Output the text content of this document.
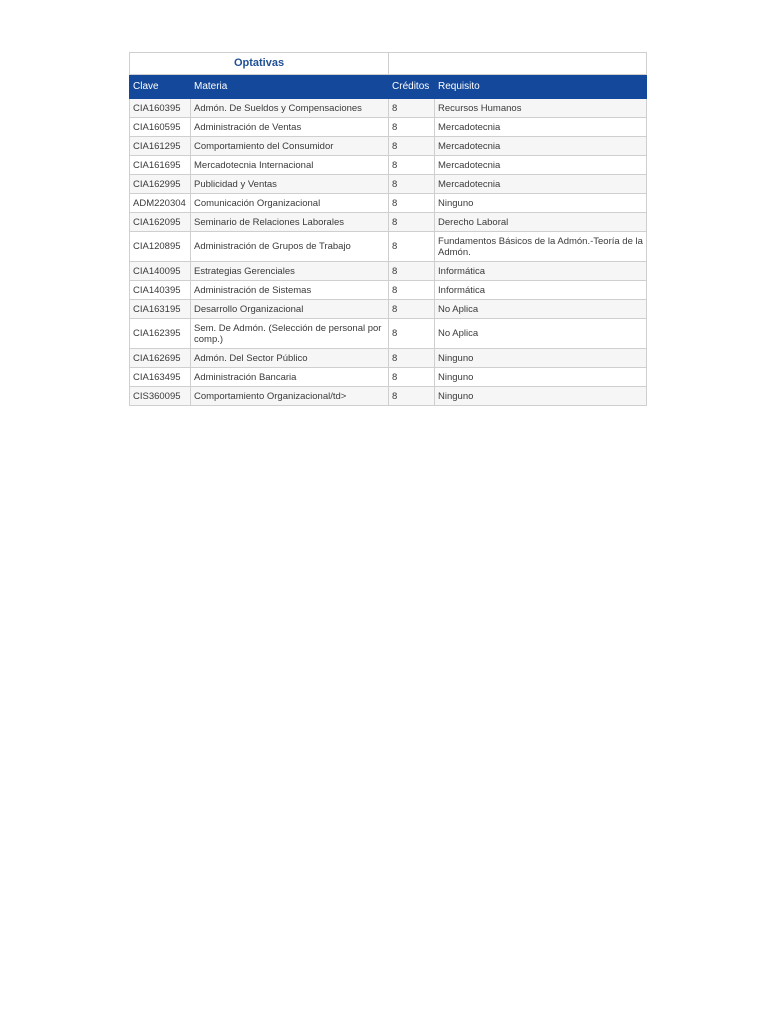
Optativas			
Clave	Materia	Créditos	Requisito
CIA160395	Admón. De Sueldos y Compensaciones	8	Recursos Humanos
CIA160595	Administración de Ventas	8	Mercadotecnia
CIA161295	Comportamiento del Consumidor	8	Mercadotecnia
CIA161695	Mercadotecnia Internacional	8	Mercadotecnia
CIA162995	Publicidad y Ventas	8	Mercadotecnia
ADM220304	Comunicación Organizacional	8	Ninguno
CIA162095	Seminario de Relaciones Laborales	8	Derecho Laboral
CIA120895	Administración de Grupos de Trabajo	8	Fundamentos Básicos de la Admón.-Teoría de la Admón.
CIA140095	Estrategias Gerenciales	8	Informática
CIA140395	Administración de Sistemas	8	Informática
CIA163195	Desarrollo Organizacional	8	No Aplica
CIA162395	Sem. De Admón. (Selección de personal por comp.)	8	No Aplica
CIA162695	Admón. Del Sector Público	8	Ninguno
CIA163495	Administración Bancaria	8	Ninguno
CIS360095	Comportamiento Organizacional/td>	8	Ninguno
